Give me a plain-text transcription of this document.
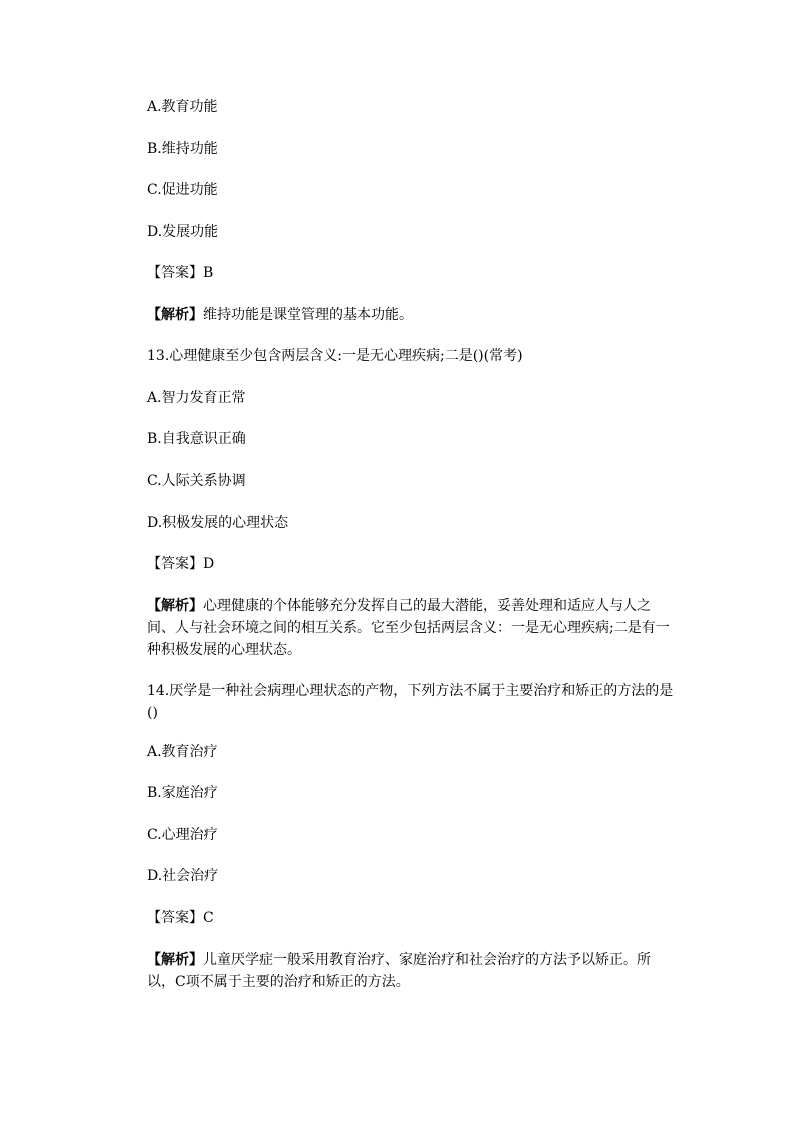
A.教育功能
B.维持功能
C.促进功能
D.发展功能
【答案】B
【解析】维持功能是课堂管理的基本功能。
13.心理健康至少包含两层含义:一是无心理疾病;二是()(常考)
A.智力发育正常
B.自我意识正确
C.人际关系协调
D.积极发展的心理状态
【答案】D
【解析】心理健康的个体能够充分发挥自己的最大潜能，妥善处理和适应人与人之间、人与社会环境之间的相互关系。它至少包括两层含义：一是无心理疾病;二是有一种积极发展的心理状态。
14.厌学是一种社会病理心理状态的产物，下列方法不属于主要治疗和矫正的方法的是()
A.教育治疗
B.家庭治疗
C.心理治疗
D.社会治疗
【答案】C
【解析】儿童厌学症一般采用教育治疗、家庭治疗和社会治疗的方法予以矫正。所以，C项不属于主要的治疗和矫正的方法。
